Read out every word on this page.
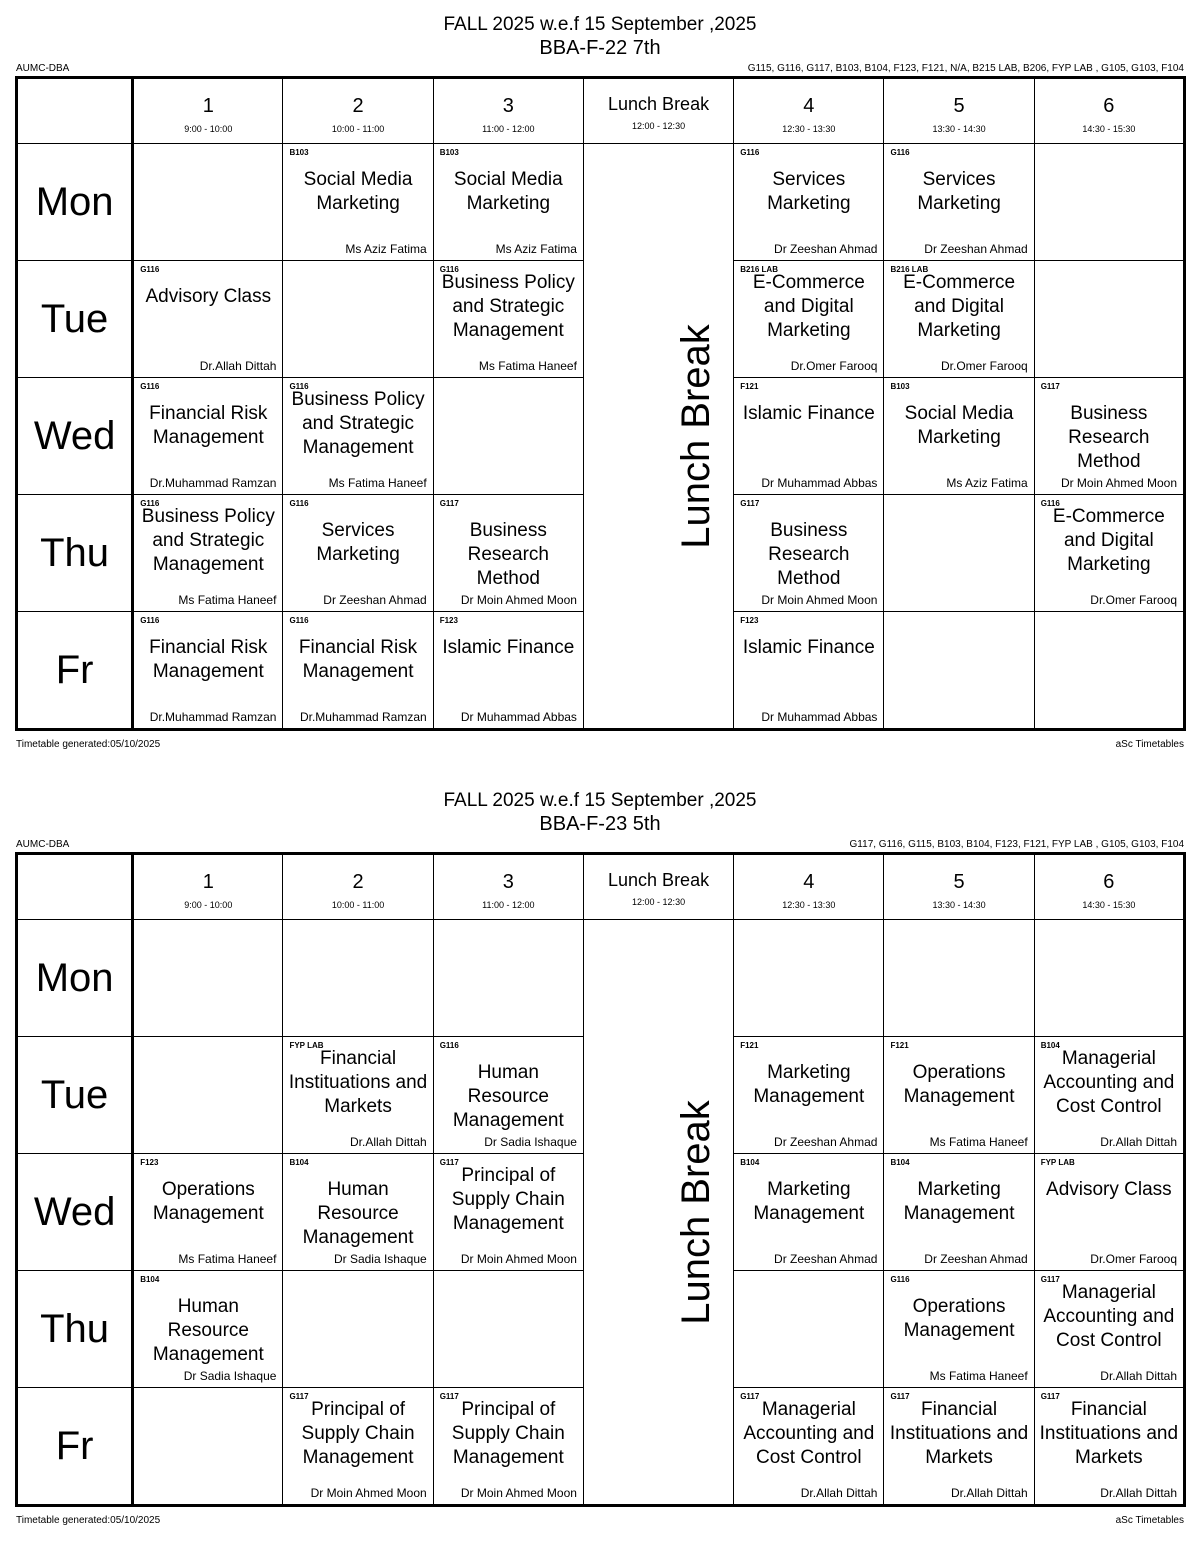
FALL 2025 w.e.f 15 September ,2025
BBA-F-22 7th
AUMC-DBA	G115, G116, G117, B103, B104, F123, F121, N/A, B215 LAB, B206, FYP LAB , G105, G103, F104

	1
9:00 - 10:00	2
10:00 - 11:00	3
11:00 - 12:00	Lunch Break
12:00 - 12:30	4
12:30 - 13:30	5
13:30 - 14:30	6
14:30 - 15:30

Mon		B103
Social Media Marketing
Ms Aziz Fatima	B103
Social Media Marketing
Ms Aziz Fatima	Lunch Break	G116
Services Marketing
Dr Zeeshan Ahmad	G116
Services Marketing
Dr Zeeshan Ahmad	

Tue	G116
Advisory Class
Dr.Allah Dittah		G116
Business Policy and Strategic Management
Ms Fatima Haneef		B216 LAB
E-Commerce and Digital Marketing
Dr.Omer Farooq	B216 LAB
E-Commerce and Digital Marketing
Dr.Omer Farooq	

Wed	G116
Financial Risk Management
Dr.Muhammad Ramzan	G116
Business Policy and Strategic Management
Ms Fatima Haneef			F121
Islamic Finance
Dr Muhammad Abbas	B103
Social Media Marketing
Ms Aziz Fatima	G117
Business Research Method
Dr Moin Ahmed Moon

Thu	G116
Business Policy and Strategic Management
Ms Fatima Haneef	G116
Services Marketing
Dr Zeeshan Ahmad	G117
Business Research Method
Dr Moin Ahmed Moon		G117
Business Research Method
Dr Moin Ahmed Moon		G116
E-Commerce and Digital Marketing
Dr.Omer Farooq

Fr	G116
Financial Risk Management
Dr.Muhammad Ramzan	G116
Financial Risk Management
Dr.Muhammad Ramzan	F123
Islamic Finance
Dr Muhammad Abbas		F123
Islamic Finance
Dr Muhammad Abbas		

Timetable generated:05/10/2025	aSc Timetables
FALL 2025 w.e.f 15 September ,2025
BBA-F-23 5th
AUMC-DBA	G117, G116, G115, B103, B104, F123, F121, FYP LAB , G105, G103, F104

	1
9:00 - 10:00	2
10:00 - 11:00	3
11:00 - 12:00	Lunch Break
12:00 - 12:30	4
12:30 - 13:30	5
13:30 - 14:30	6
14:30 - 15:30

Mon				Lunch Break	

Tue		FYP LAB
Financial Instituations and Markets
Dr.Allah Dittah	G116
Human Resource Management
Dr Sadia Ishaque		F121
Marketing Management
Dr Zeeshan Ahmad	F121
Operations Management
Ms Fatima Haneef	B104
Managerial Accounting and Cost Control
Dr.Allah Dittah

Wed	F123
Operations Management
Ms Fatima Haneef	B104
Human Resource Management
Dr Sadia Ishaque	G117
Principal of Supply Chain Management
Dr Moin Ahmed Moon		B104
Marketing Management
Dr Zeeshan Ahmad	B104
Marketing Management
Dr Zeeshan Ahmad	FYP LAB
Advisory Class
Dr.Omer Farooq

Thu	B104
Human Resource Management
Dr Sadia Ishaque					G116
Operations Management
Ms Fatima Haneef	G117
Managerial Accounting and Cost Control
Dr.Allah Dittah

Fr		G117
Principal of Supply Chain Management
Dr Moin Ahmed Moon	G117
Principal of Supply Chain Management
Dr Moin Ahmed Moon		G117
Managerial Accounting and Cost Control
Dr.Allah Dittah	G117
Financial Instituations and Markets
Dr.Allah Dittah	G117
Financial Instituations and Markets
Dr.Allah Dittah
Timetable generated:05/10/2025	aSc Timetables
